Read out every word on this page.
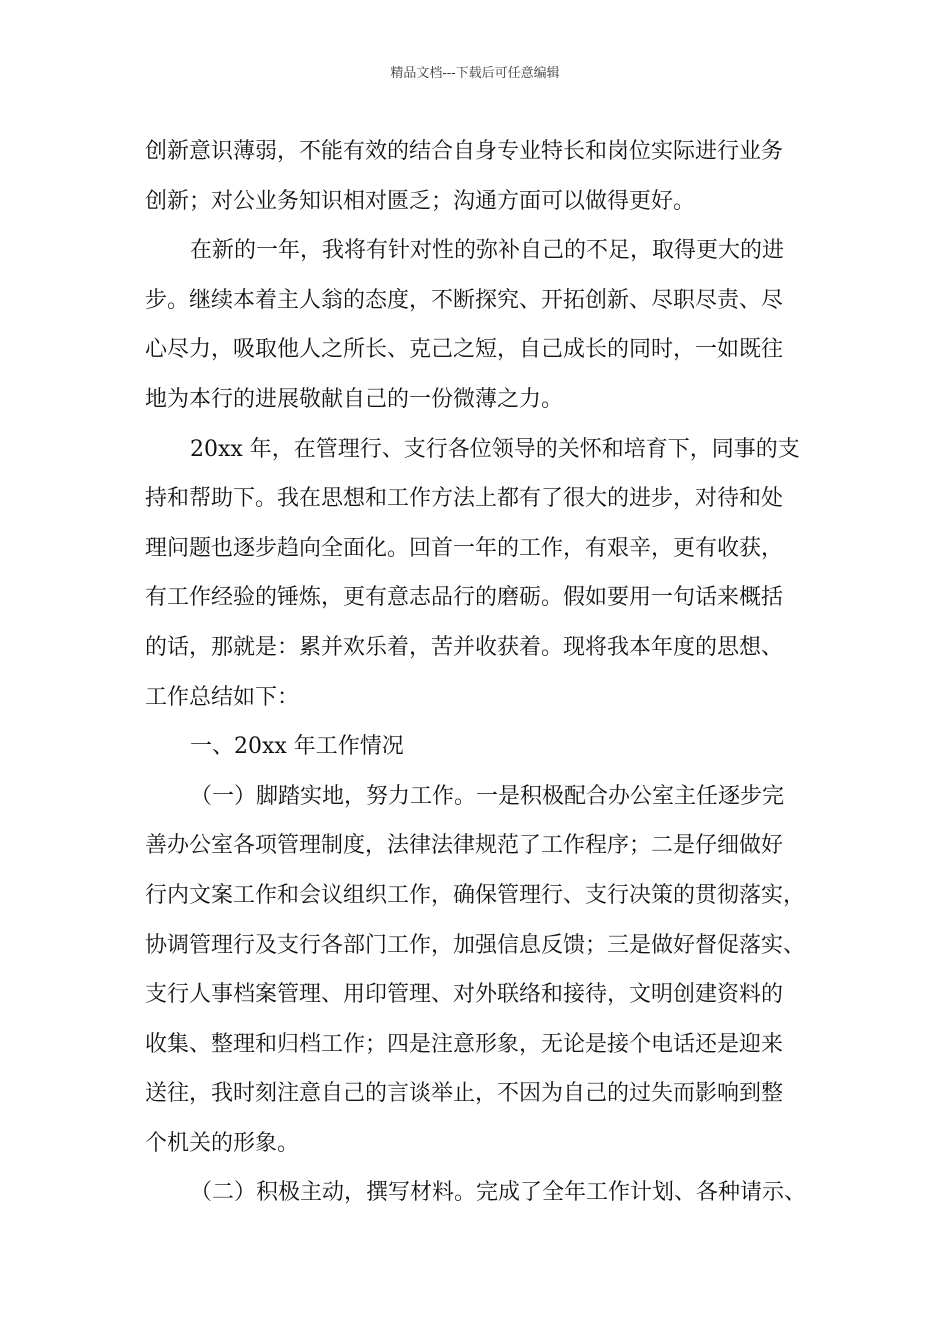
精品文档---下载后可任意编辑
创新意识薄弱，不能有效的结合自身专业特长和岗位实际进行业务
创新；对公业务知识相对匮乏；沟通方面可以做得更好。
在新的一年，我将有针对性的弥补自己的不足，取得更大的进
步。继续本着主人翁的态度，不断探究、开拓创新、尽职尽责、尽
心尽力，吸取他人之所长、克己之短，自己成长的同时，一如既往
地为本行的进展敬献自己的一份微薄之力。
20xx 年，在管理行、支行各位领导的关怀和培育下，同事的支
持和帮助下。我在思想和工作方法上都有了很大的进步，对待和处
理问题也逐步趋向全面化。回首一年的工作，有艰辛，更有收获，
有工作经验的锤炼，更有意志品行的磨砺。假如要用一句话来概括
的话，那就是：累并欢乐着，苦并收获着。现将我本年度的思想、
工作总结如下：
一、20xx 年工作情况
（一）脚踏实地，努力工作。一是积极配合办公室主任逐步完
善办公室各项管理制度，法律法律规范了工作程序；二是仔细做好
行内文案工作和会议组织工作，确保管理行、支行决策的贯彻落实，
协调管理行及支行各部门工作，加强信息反馈；三是做好督促落实、
支行人事档案管理、用印管理、对外联络和接待，文明创建资料的
收集、整理和归档工作；四是注意形象，无论是接个电话还是迎来
送往，我时刻注意自己的言谈举止，不因为自己的过失而影响到整
个机关的形象。
（二）积极主动，撰写材料。完成了全年工作计划、各种请示、
